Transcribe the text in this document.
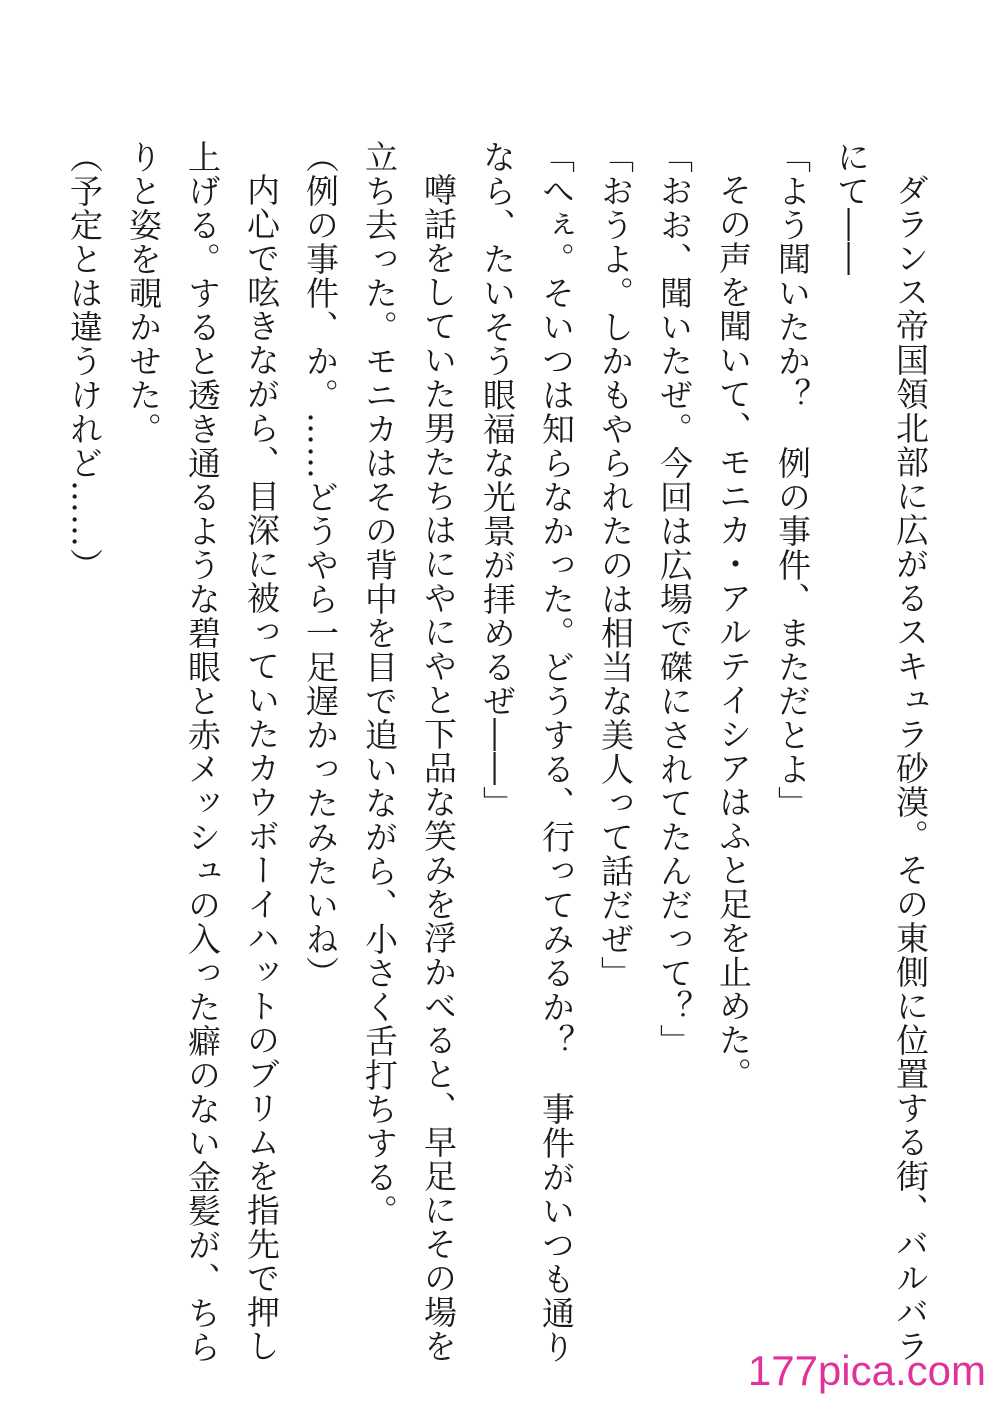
ダランス帝国領北部に広がるスキュラ砂漠。その東側に位置する街、バルバラ
にて――
「よう聞いたか？　例の事件、まただとよ」
その声を聞いて、モニカ・アルテイシアはふと足を止めた。
「おお、聞いたぜ。今回は広場で磔にされてたんだって？」
「おうよ。しかもやられたのは相当な美人って話だぜ」
「へぇ。そいつは知らなかった。どうする、行ってみるか？　事件がいつも通り
なら、たいそう眼福な光景が拝めるぜ――」
噂話をしていた男たちはにやにやと下品な笑みを浮かべると、早足にその場を
立ち去った。モニカはその背中を目で追いながら、小さく舌打ちする。
（例の事件、か。……どうやら一足遅かったみたいね）
内心で呟きながら、目深に被っていたカウボーイハットのブリムを指先で押し
上げる。すると透き通るような碧眼と赤メッシュの入った癖のない金髪が、ちら
りと姿を覗かせた。
（予定とは違うけれど……）
177pica.com
